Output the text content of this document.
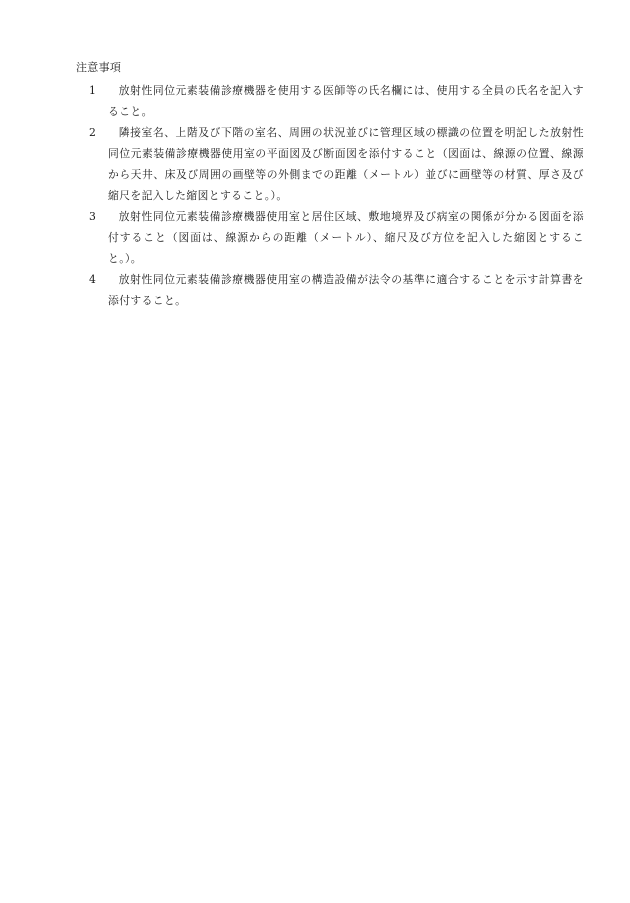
注意事項
1	放射性同位元素装備診療機器を使用する医師等の氏名欄には、使用する全員の氏名を記入すること。
2	隣接室名、上階及び下階の室名、周囲の状況並びに管理区域の標識の位置を明記した放射性同位元素装備診療機器使用室の平面図及び断面図を添付すること（図面は、線源の位置、線源から天井、床及び周囲の画壁等の外側までの距離（メートル）並びに画壁等の材質、厚さ及び縮尺を記入した縮図とすること。）。
3	放射性同位元素装備診療機器使用室と居住区域、敷地境界及び病室の関係が分かる図面を添付すること（図面は、線源からの距離（メートル）、縮尺及び方位を記入した縮図とすること。）。
4	放射性同位元素装備診療機器使用室の構造設備が法令の基準に適合することを示す計算書を添付すること。
